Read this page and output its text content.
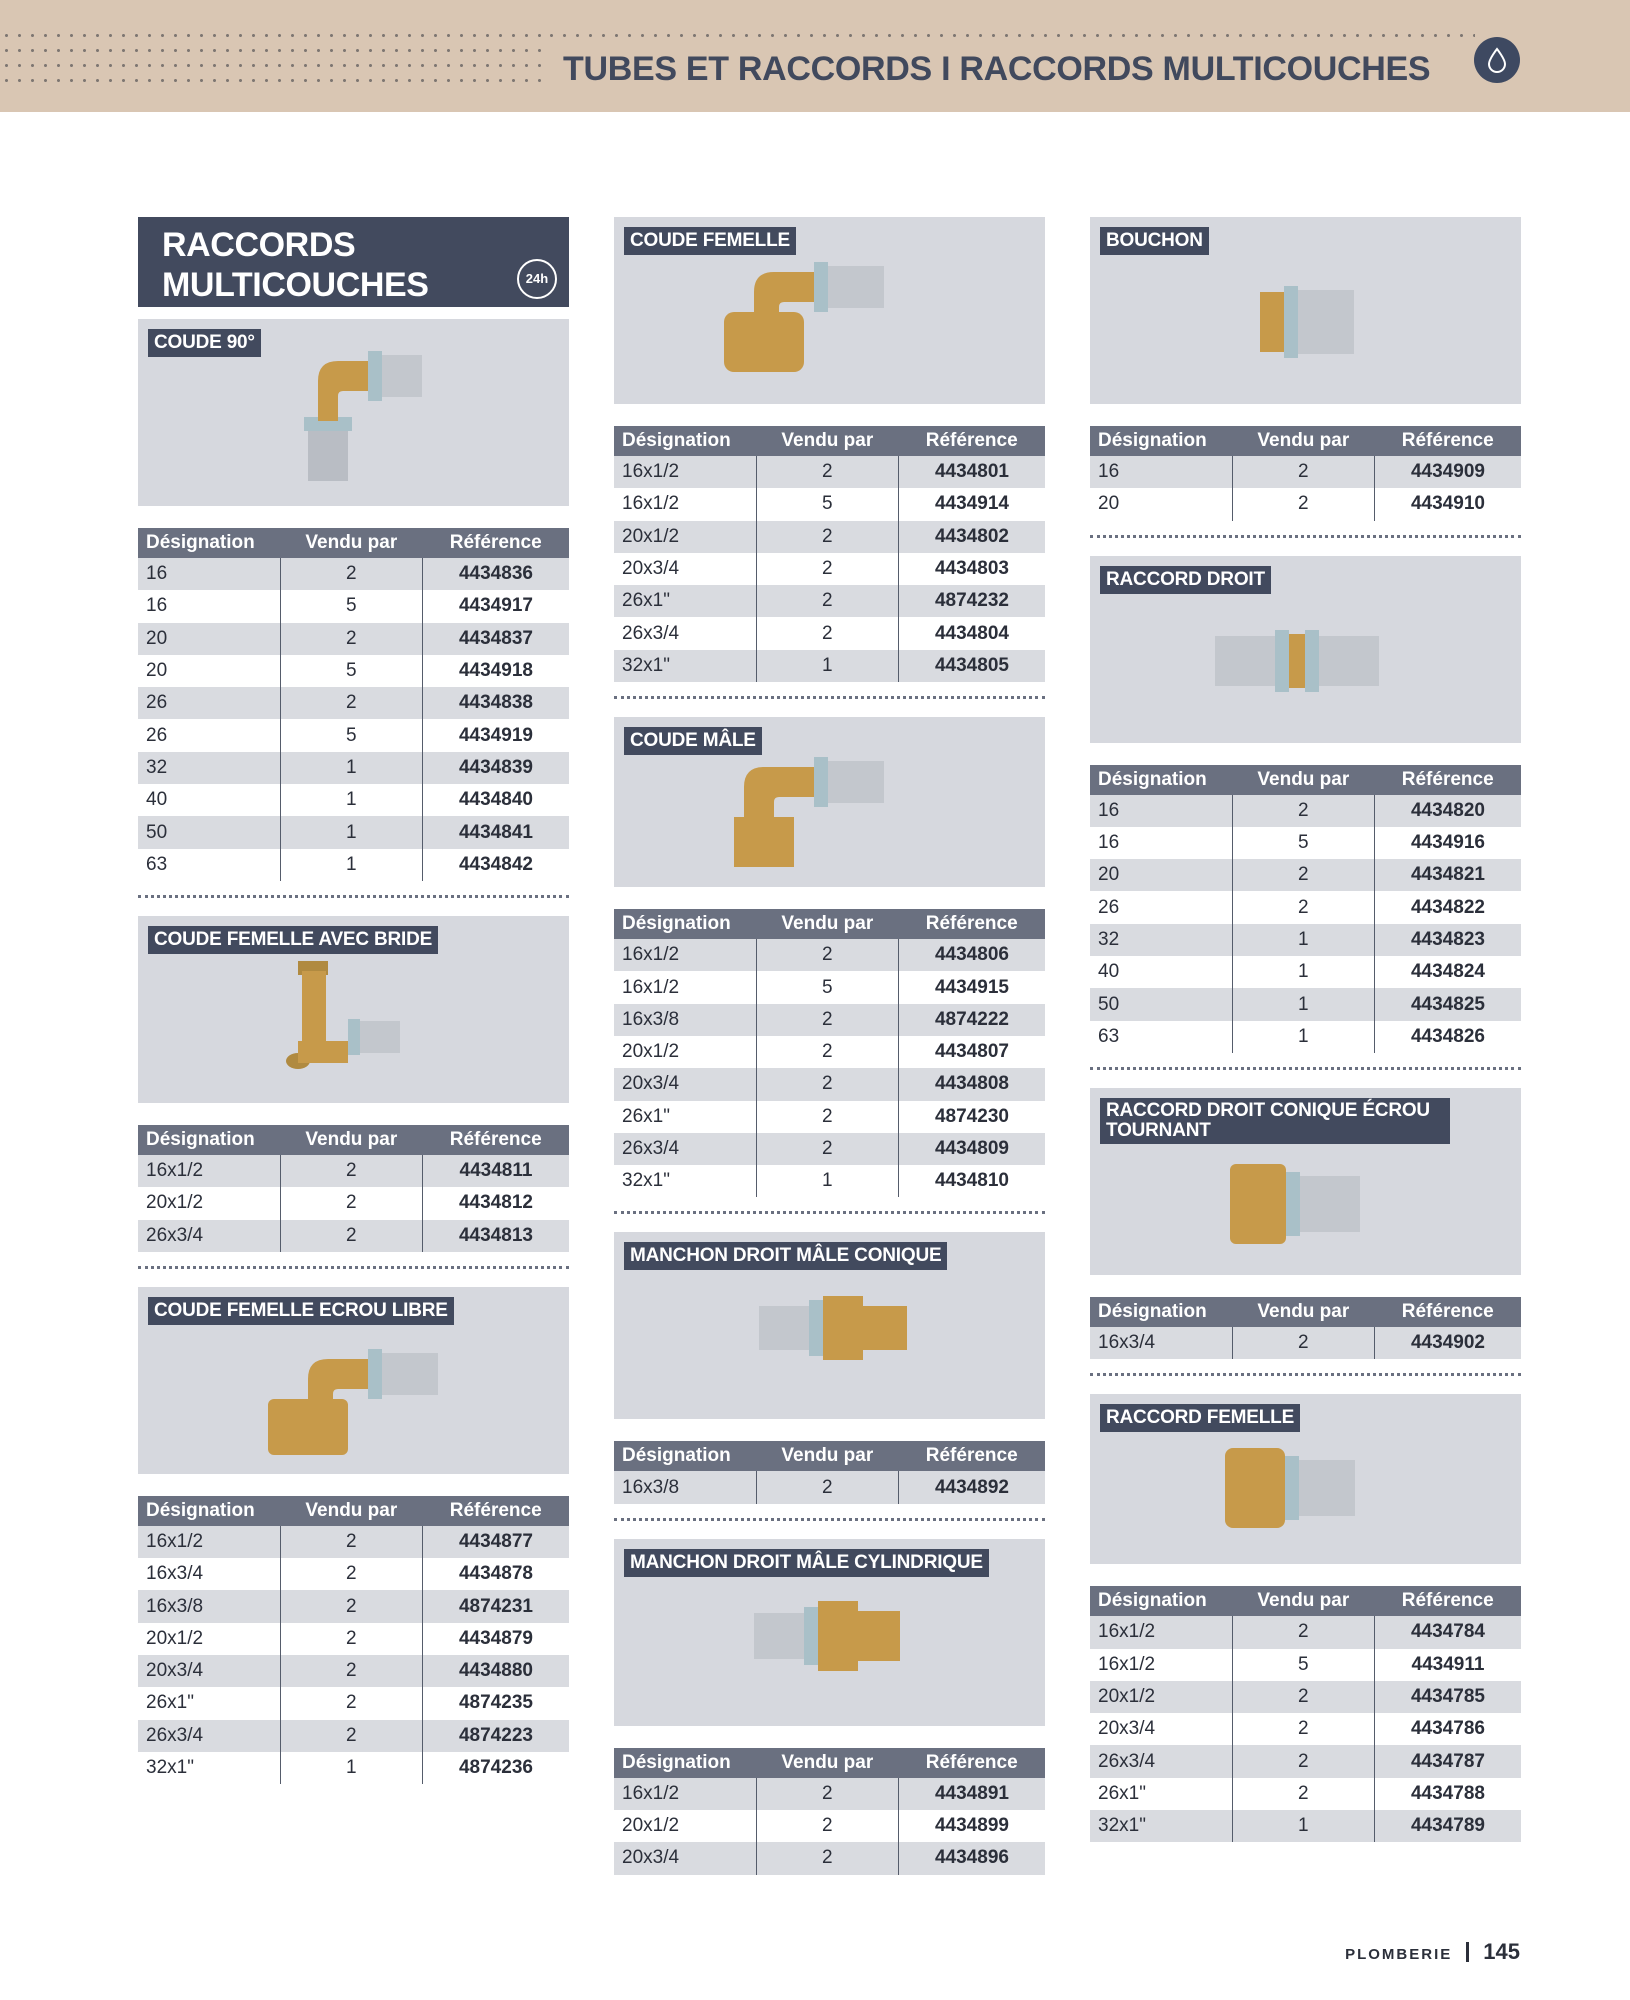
TUBES ET RACCORDS I RACCORDS MULTICOUCHES
RACCORDS
MULTICOUCHES	24h
COUDE 90°
Désignation	Vendu par	Référence
16	2	4434836
16	5	4434917
20	2	4434837
20	5	4434918
26	2	4434838
26	5	4434919
32	1	4434839
40	1	4434840
50	1	4434841
63	1	4434842
COUDE FEMELLE AVEC BRIDE
Désignation	Vendu par	Référence
16x1/2	2	4434811
20x1/2	2	4434812
26x3/4	2	4434813
COUDE FEMELLE ECROU LIBRE
Désignation	Vendu par	Référence
16x1/2	2	4434877
16x3/4	2	4434878
16x3/8	2	4874231
20x1/2	2	4434879
20x3/4	2	4434880
26x1"	2	4874235
26x3/4	2	4874223
32x1"	1	4874236
COUDE FEMELLE
Désignation	Vendu par	Référence
16x1/2	2	4434801
16x1/2	5	4434914
20x1/2	2	4434802
20x3/4	2	4434803
26x1"	2	4874232
26x3/4	2	4434804
32x1"	1	4434805
COUDE MÂLE
Désignation	Vendu par	Référence
16x1/2	2	4434806
16x1/2	5	4434915
16x3/8	2	4874222
20x1/2	2	4434807
20x3/4	2	4434808
26x1"	2	4874230
26x3/4	2	4434809
32x1"	1	4434810
MANCHON DROIT MÂLE CONIQUE
Désignation	Vendu par	Référence
16x3/8	2	4434892
MANCHON DROIT MÂLE CYLINDRIQUE
Désignation	Vendu par	Référence
16x1/2	2	4434891
20x1/2	2	4434899
20x3/4	2	4434896
BOUCHON
Désignation	Vendu par	Référence
16	2	4434909
20	2	4434910
RACCORD DROIT
Désignation	Vendu par	Référence
16	2	4434820
16	5	4434916
20	2	4434821
26	2	4434822
32	1	4434823
40	1	4434824
50	1	4434825
63	1	4434826
RACCORD DROIT CONIQUE ÉCROU TOURNANT
Désignation	Vendu par	Référence
16x3/4	2	4434902
RACCORD FEMELLE
Désignation	Vendu par	Référence
16x1/2	2	4434784
16x1/2	5	4434911
20x1/2	2	4434785
20x3/4	2	4434786
26x3/4	2	4434787
26x1"	2	4434788
32x1"	1	4434789
PLOMBERIE 145
